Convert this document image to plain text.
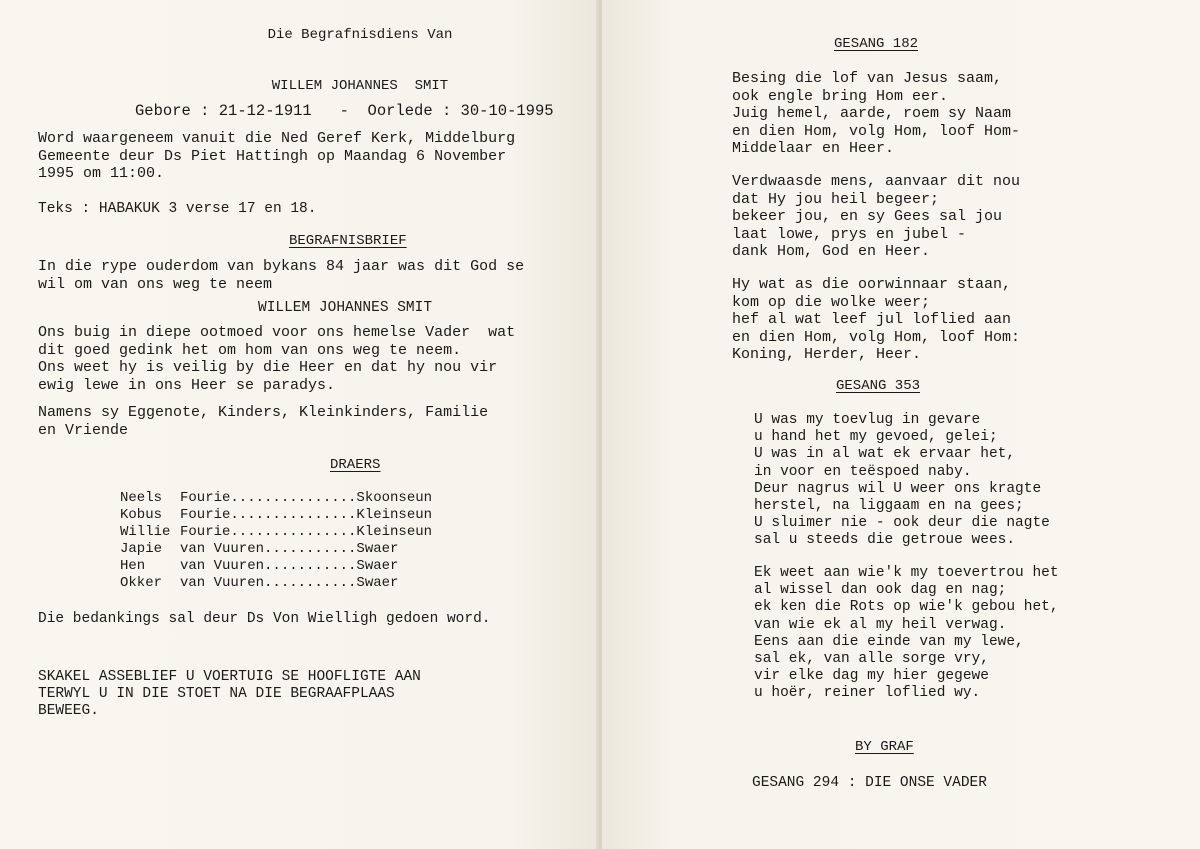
Die Begrafnisdiens Van
WILLEM JOHANNES  SMIT
Gebore : 21-12-1911   -  Oorlede : 30-10-1995
Word waargeneem vanuit die Ned Geref Kerk, Middelburg
Gemeente deur Ds Piet Hattingh op Maandag 6 November
1995 om 11:00.
Teks : HABAKUK 3 verse 17 en 18.
BEGRAFNISBRIEF
In die rype ouderdom van bykans 84 jaar was dit God se
wil om van ons weg te neem
WILLEM JOHANNES SMIT
Ons buig in diepe ootmoed voor ons hemelse Vader  wat
dit goed gedink het om hom van ons weg te neem.
Ons weet hy is veilig by die Heer en dat hy nou vir
ewig lewe in ons Heer se paradys.
Namens sy Eggenote, Kinders, Kleinkinders, Familie
en Vriende
DRAERS
Neels	Fourie...............Skoonseun
Kobus	Fourie...............Kleinseun
Willie	Fourie...............Kleinseun
Japie	van Vuuren...........Swaer
Hen	van Vuuren...........Swaer
Okker	van Vuuren...........Swaer
Die bedankings sal deur Ds Von Wielligh gedoen word.
SKAKEL ASSEBLIEF U VOERTUIG SE HOOFLIGTE AAN
TERWYL U IN DIE STOET NA DIE BEGRAAFPLAAS
BEWEEG.
GESANG 182
Besing die lof van Jesus saam,
ook engle bring Hom eer.
Juig hemel, aarde, roem sy Naam
en dien Hom, volg Hom, loof Hom-
Middelaar en Heer.
Verdwaasde mens, aanvaar dit nou
dat Hy jou heil begeer;
bekeer jou, en sy Gees sal jou
laat lowe, prys en jubel -
dank Hom, God en Heer.
Hy wat as die oorwinnaar staan,
kom op die wolke weer;
hef al wat leef jul loflied aan
en dien Hom, volg Hom, loof Hom:
Koning, Herder, Heer.
GESANG 353
U was my toevlug in gevare
u hand het my gevoed, gelei;
U was in al wat ek ervaar het,
in voor en teëspoed naby.
Deur nagrus wil U weer ons kragte
herstel, na liggaam en na gees;
U sluimer nie - ook deur die nagte
sal u steeds die getroue wees.
Ek weet aan wie'k my toevertrou het
al wissel dan ook dag en nag;
ek ken die Rots op wie'k gebou het,
van wie ek al my heil verwag.
Eens aan die einde van my lewe,
sal ek, van alle sorge vry,
vir elke dag my hier gegewe
u hoër, reiner loflied wy.
BY GRAF
GESANG 294 : DIE ONSE VADER
